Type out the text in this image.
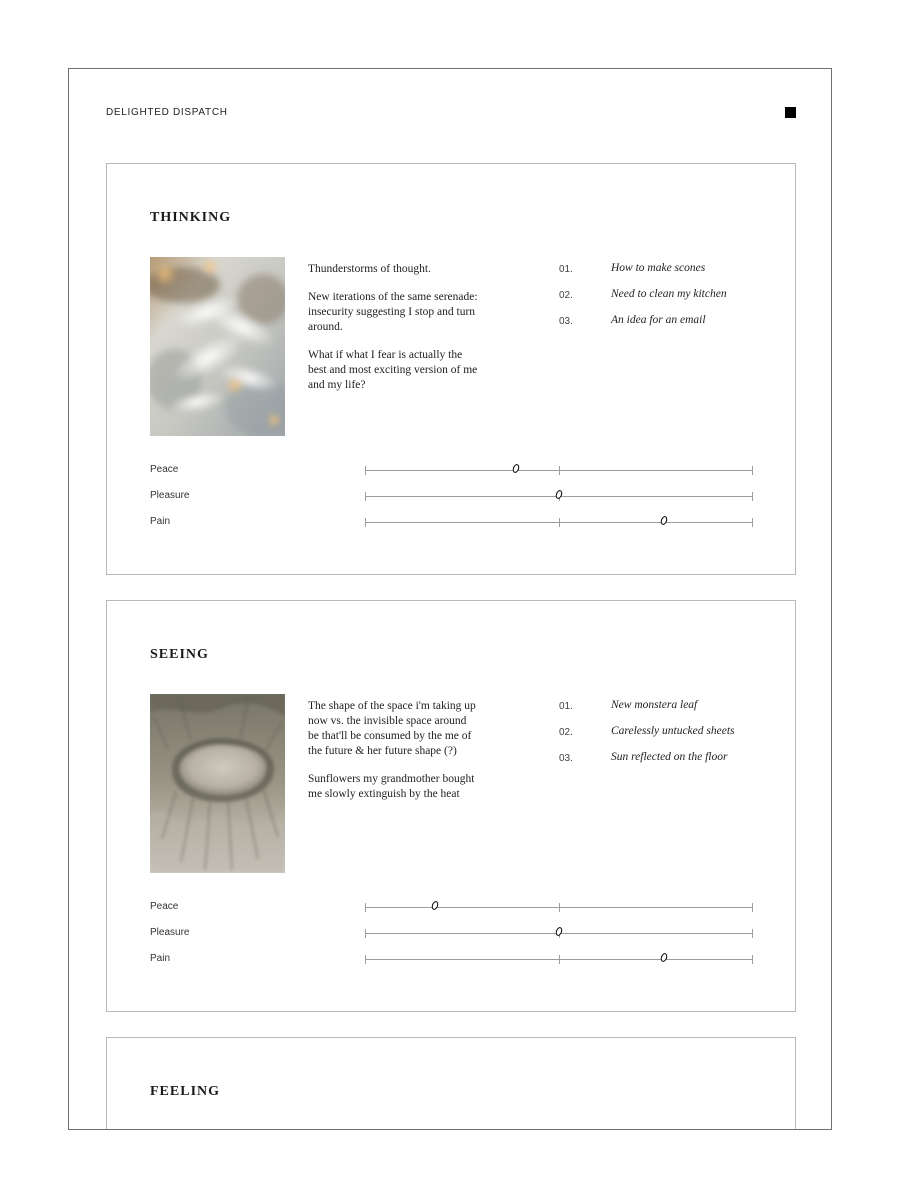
DELIGHTED DISPATCH
THINKING

Thunderstorms of thought.

New iterations of the same serenade: insecurity suggesting I stop and turn around.

What if what I fear is actually the best and most exciting version of me and my life?

01.	How to make scones
02.	Need to clean my kitchen
03.	An idea for an email
Peace
Pleasure
Pain
SEEING

The shape of the space i'm taking up now vs. the invisible space around be that'll be consumed by the me of the future & her future shape (?)

Sunflowers my grandmother bought me slowly extinguish by the heat

01.	New monstera leaf
02.	Carelessly untucked sheets
03.	Sun reflected on the floor
Peace
Pleasure
Pain
FEELING
